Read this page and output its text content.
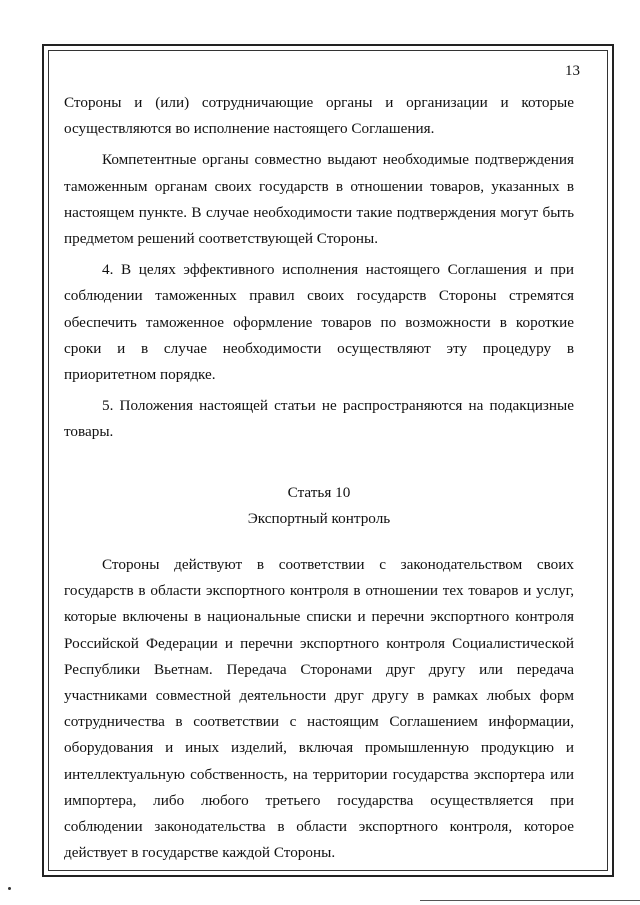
13

Стороны и (или) сотрудничающие органы и организации и которые осуществляются во исполнение настоящего Соглашения.

Компетентные органы совместно выдают необходимые подтверждения таможенным органам своих государств в отношении товаров, указанных в настоящем пункте. В случае необходимости такие подтверждения могут быть предметом решений соответствующей Стороны.

4. В целях эффективного исполнения настоящего Соглашения и при соблюдении таможенных правил своих государств Стороны стремятся обеспечить таможенное оформление товаров по возможности в короткие сроки и в случае необходимости осуществляют эту процедуру в приоритетном порядке.

5. Положения настоящей статьи не распространяются на подакцизные товары.

Статья 10
Экспортный контроль

Стороны действуют в соответствии с законодательством своих государств в области экспортного контроля в отношении тех товаров и услуг, которые включены в национальные списки и перечни экспортного контроля Российской Федерации и перечни экспортного контроля Социалистической Республики Вьетнам. Передача Сторонами друг другу или передача участниками совместной деятельности друг другу в рамках любых форм сотрудничества в соответствии с настоящим Соглашением информации, оборудования и иных изделий, включая промышленную продукцию и интеллектуальную собственность, на территории государства экспортера или импортера, либо любого третьего государства осуществляется при соблюдении законодательства в области экспортного контроля, которое действует в государстве каждой Стороны.
